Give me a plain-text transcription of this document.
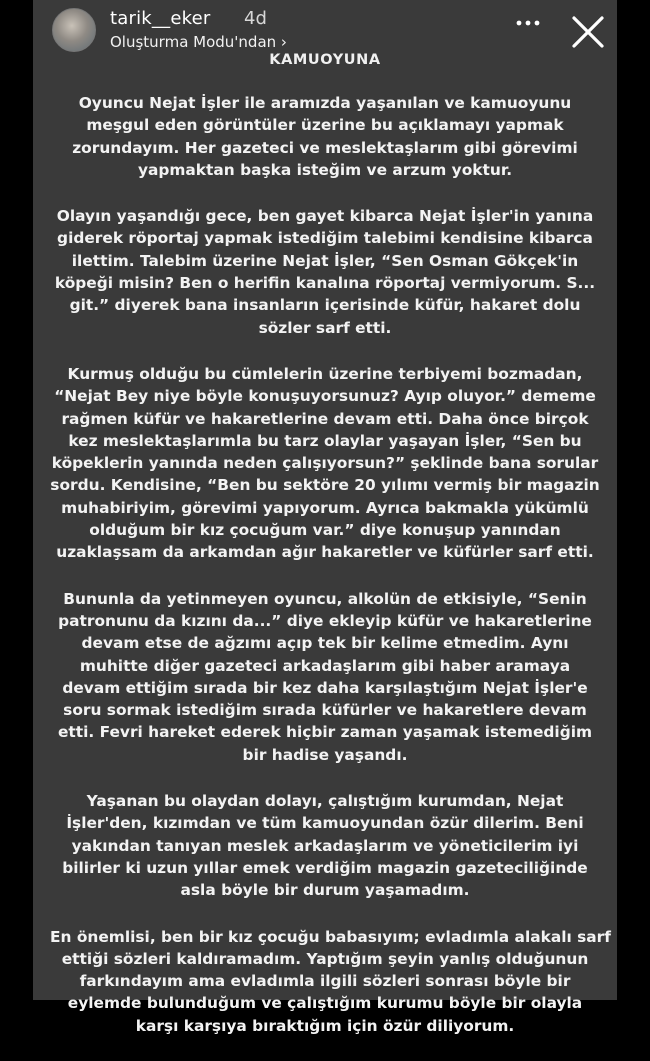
tarik__eker 4d
Oluşturma Modu'ndan ›
KAMUOYUNA
Oyuncu Nejat İşler ile aramızda yaşanılan ve kamuoyunu
meşgul eden görüntüler üzerine bu açıklamayı yapmak
zorundayım. Her gazeteci ve meslektaşlarım gibi görevimi
yapmaktan başka isteğim ve arzum yoktur.
Olayın yaşandığı gece, ben gayet kibarca Nejat İşler'in yanına
giderek röportaj yapmak istediğim talebimi kendisine kibarca
ilettim. Talebim üzerine Nejat İşler, “Sen Osman Gökçek'in
köpeği misin? Ben o herifin kanalına röportaj vermiyorum. S...
git.” diyerek bana insanların içerisinde küfür, hakaret dolu
sözler sarf etti.
Kurmuş olduğu bu cümlelerin üzerine terbiyemi bozmadan,
“Nejat Bey niye böyle konuşuyorsunuz? Ayıp oluyor.” dememe
rağmen küfür ve hakaretlerine devam etti. Daha önce birçok
kez meslektaşlarımla bu tarz olaylar yaşayan İşler, “Sen bu
köpeklerin yanında neden çalışıyorsun?” şeklinde bana sorular
sordu. Kendisine, “Ben bu sektöre 20 yılımı vermiş bir magazin
muhabiriyim, görevimi yapıyorum. Ayrıca bakmakla yükümlü
olduğum bir kız çocuğum var.” diye konuşup yanından
uzaklaşsam da arkamdan ağır hakaretler ve küfürler sarf etti.
Bununla da yetinmeyen oyuncu, alkolün de etkisiyle, “Senin
patronunu da kızını da...” diye ekleyip küfür ve hakaretlerine
devam etse de ağzımı açıp tek bir kelime etmedim. Aynı
muhitte diğer gazeteci arkadaşlarım gibi haber aramaya
devam ettiğim sırada bir kez daha karşılaştığım Nejat İşler'e
soru sormak istediğim sırada küfürler ve hakaretlere devam
etti. Fevri hareket ederek hiçbir zaman yaşamak istemediğim
bir hadise yaşandı.
Yaşanan bu olaydan dolayı, çalıştığım kurumdan, Nejat
İşler'den, kızımdan ve tüm kamuoyundan özür dilerim. Beni
yakından tanıyan meslek arkadaşlarım ve yöneticilerim iyi
bilirler ki uzun yıllar emek verdiğim magazin gazeteciliğinde
asla böyle bir durum yaşamadım.
En önemlisi, ben bir kız çocuğu babasıyım; evladımla alakalı sarf
ettiği sözleri kaldıramadım. Yaptığım şeyin yanlış olduğunun
farkındayım ama evladımla ilgili sözleri sonrası böyle bir
eylemde bulunduğum ve çalıştığım kurumu böyle bir olayla
karşı karşıya bıraktığım için özür diliyorum.
